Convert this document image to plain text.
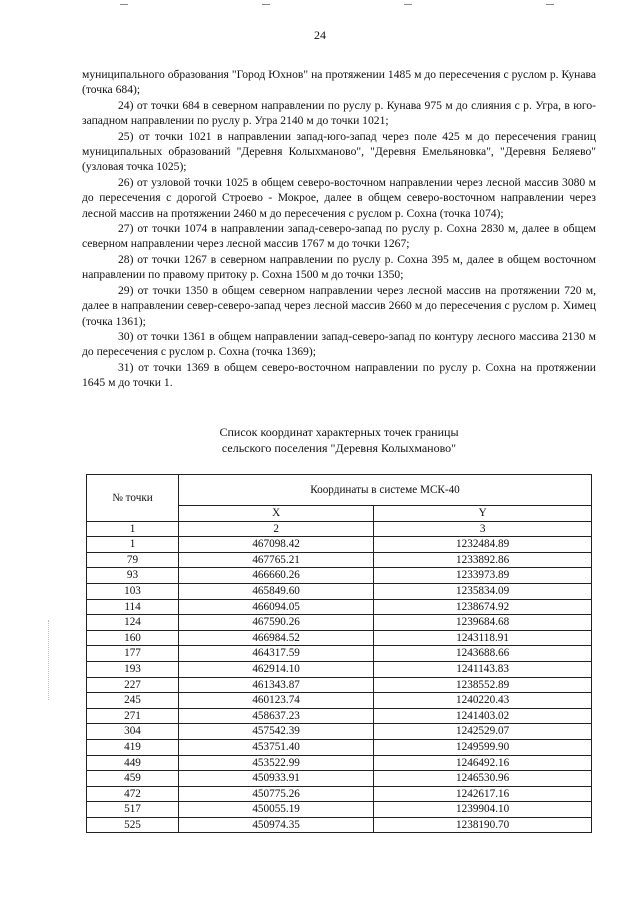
24

муниципального образования "Город Юхнов" на протяжении 1485 м до пересечения с руслом р. Кунава (точка 684);

24) от точки 684 в северном направлении по руслу р. Кунава 975 м до слияния с р. Угра, в юго-западном направлении по руслу р. Угра 2140 м до точки 1021;

25) от точки 1021 в направлении запад-юго-запад через поле 425 м до пересечения границ муниципальных образований "Деревня Колыхманово", "Деревня Емельяновка", "Деревня Беляево" (узловая точка 1025);

26) от узловой точки 1025 в общем северо-восточном направлении через лесной массив 3080 м до пересечения с дорогой Строево - Мокрое, далее в общем северо-восточном направлении через лесной массив на протяжении 2460 м до пересечения с руслом р. Сохна (точка 1074);

27) от точки 1074 в направлении запад-северо-запад по руслу р. Сохна 2830 м, далее в общем северном направлении через лесной массив 1767 м до точки 1267;

28) от точки 1267 в северном направлении по руслу р. Сохна 395 м, далее в общем восточном направлении по правому притоку р. Сохна 1500 м до точки 1350;

29) от точки 1350 в общем северном направлении через лесной массив на протяжении 720 м, далее в направлении север-северо-запад через лесной массив 2660 м до пересечения с руслом р. Химец (точка 1361);

30) от точки 1361 в общем направлении запад-северо-запад по контуру лесного массива 2130 м до пересечения с руслом р. Сохна (точка 1369);

31) от точки 1369 в общем северо-восточном направлении по руслу р. Сохна на протяжении 1645 м до точки 1.

Список координат характерных точек границы
сельского поселения "Деревня Колыхманово"
№ точки	Координаты в системе МСК-40	
	X	Y
1	2	3
1	467098.42	1232484.89
79	467765.21	1233892.86
93	466660.26	1233973.89
103	465849.60	1235834.09
114	466094.05	1238674.92
124	467590.26	1239684.68
160	466984.52	1243118.91
177	464317.59	1243688.66
193	462914.10	1241143.83
227	461343.87	1238552.89
245	460123.74	1240220.43
271	458637.23	1241403.02
304	457542.39	1242529.07
419	453751.40	1249599.90
449	453522.99	1246492.16
459	450933.91	1246530.96
472	450775.26	1242617.16
517	450055.19	1239904.10
525	450974.35	1238190.70
